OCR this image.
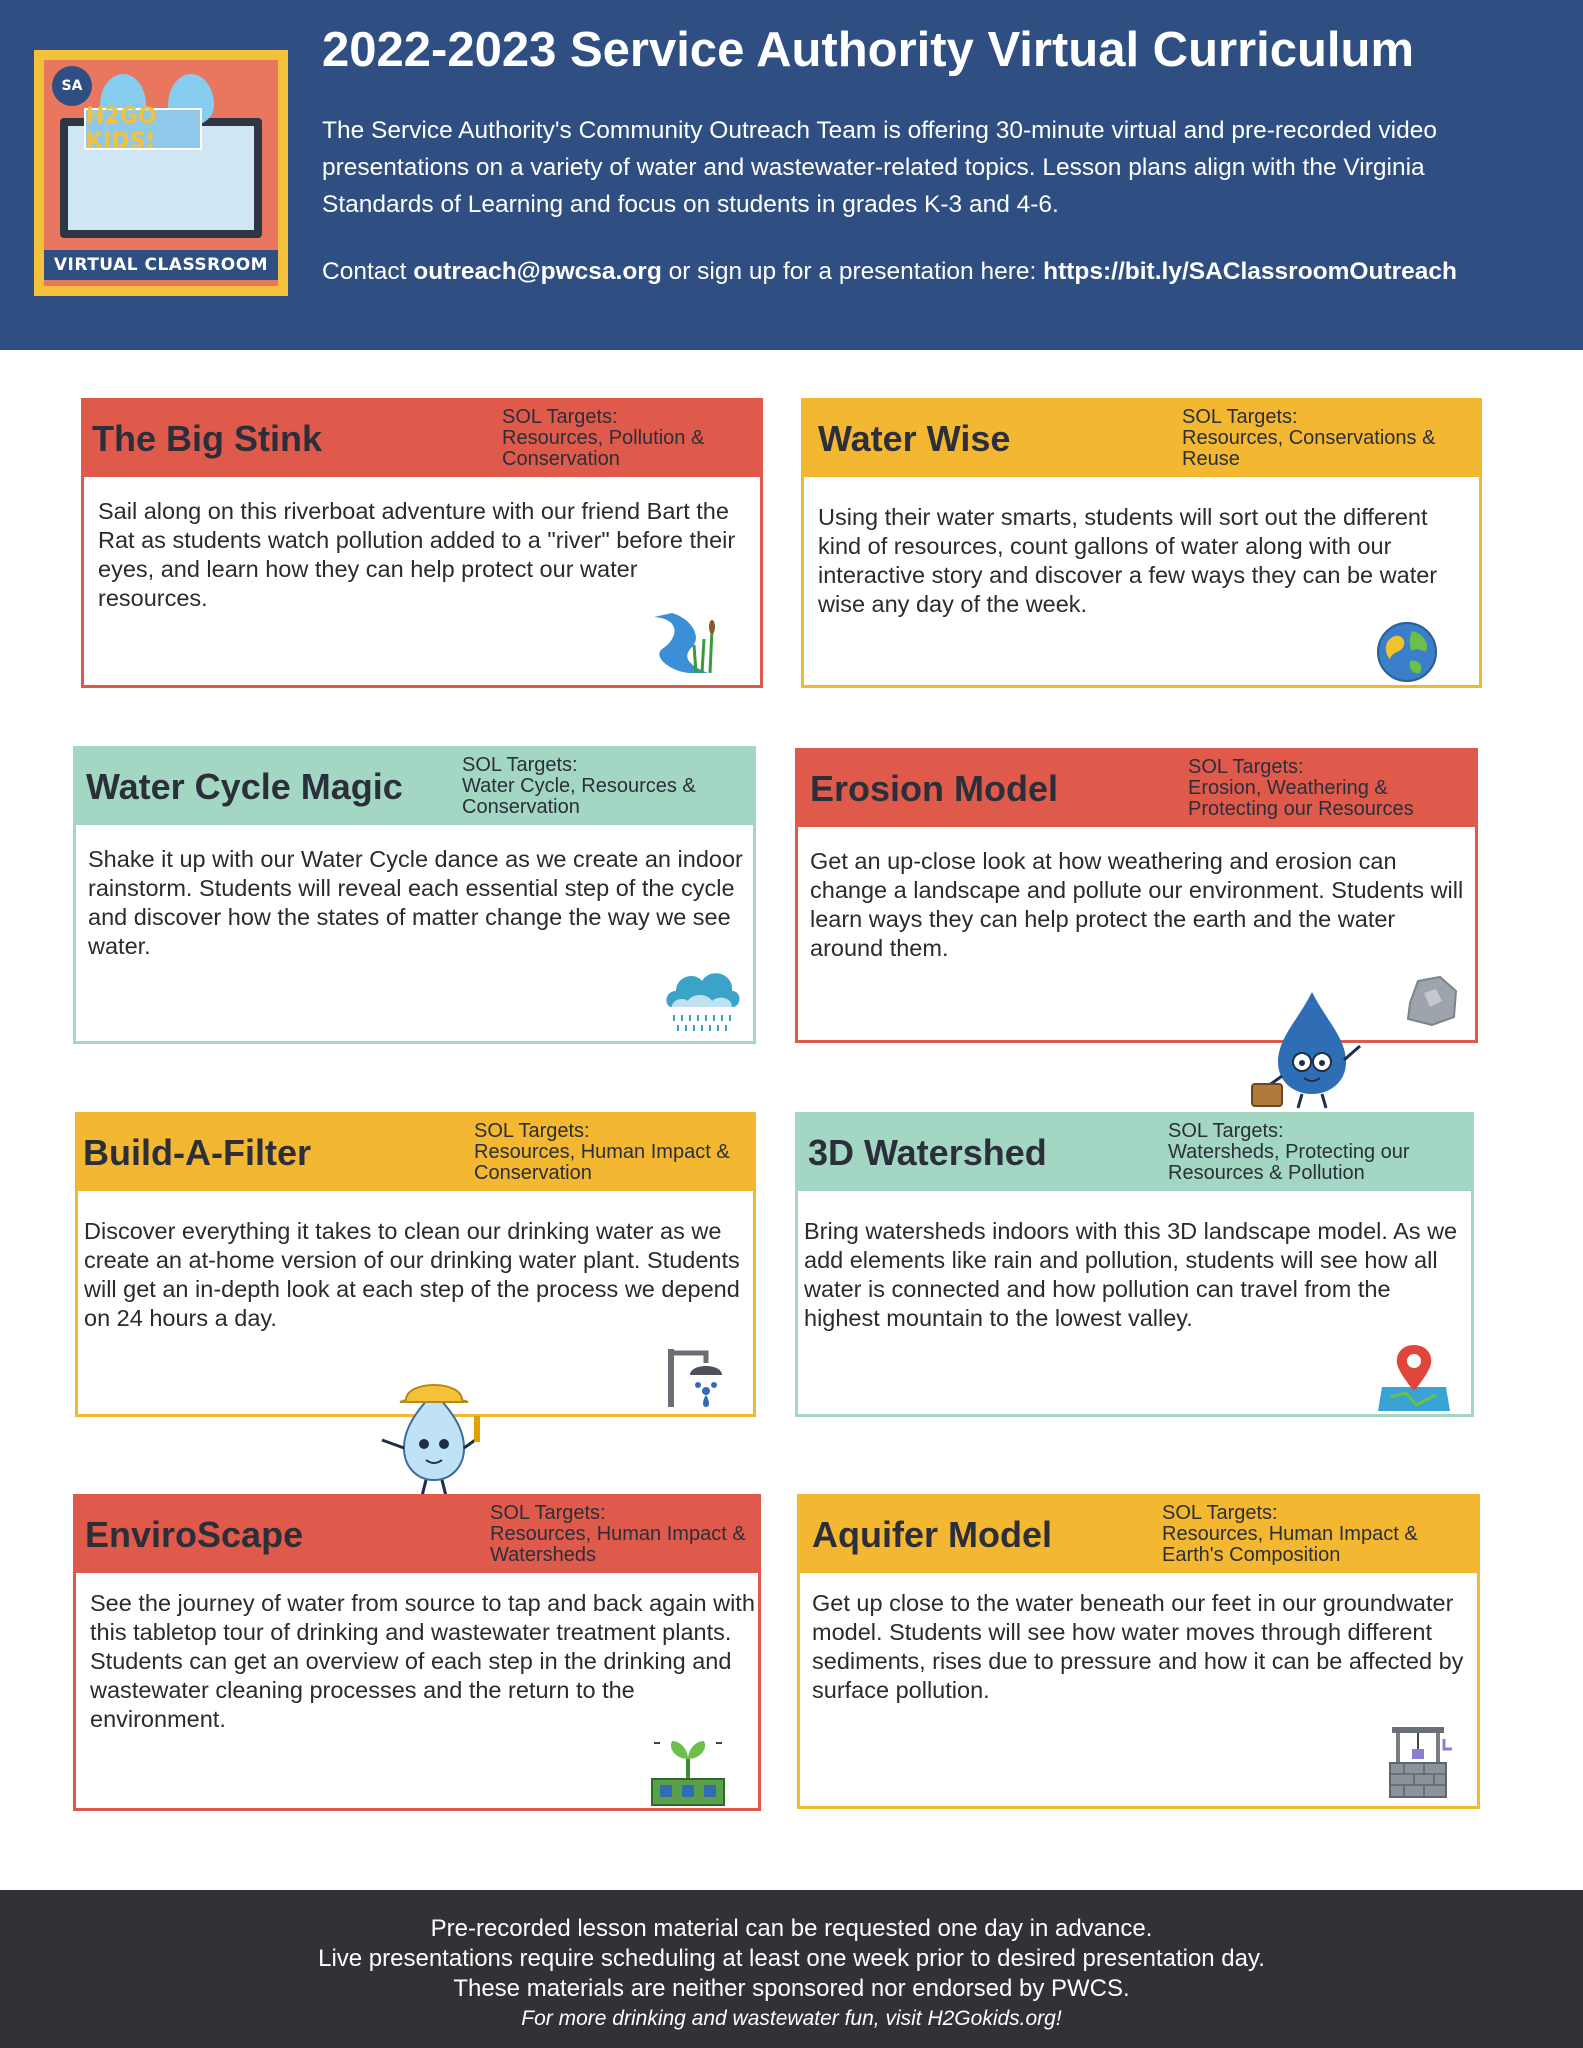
SA
H2GO KIDS!
VIRTUAL CLASSROOM
2022-2023 Service Authority Virtual Curriculum
The Service Authority's Community Outreach Team is offering 30-minute virtual and pre-recorded video presentations on a variety of water and wastewater-related topics. Lesson plans align with the Virginia Standards of Learning and focus on students in grades K-3 and 4-6.
Contact outreach@pwcsa.org or sign up for a presentation here: https://bit.ly/SAClassroomOutreach
The Big Stink
SOL Targets:
Resources, Pollution & Conservation
Sail along on this riverboat adventure with our friend Bart the Rat as students watch pollution added to a "river" before their eyes, and learn how they can help protect our water resources.
Water Wise
SOL Targets:
Resources, Conservations & Reuse
Using their water smarts, students will sort out the different kind of resources, count gallons of water along with our interactive story and discover a few ways they can be water wise any day of the week.
Water Cycle Magic
SOL Targets:
Water Cycle, Resources & Conservation
Shake it up with our Water Cycle dance as we create an indoor rainstorm. Students will reveal each essential step of the cycle and discover how the states of matter change the way we see water.
Erosion Model
SOL Targets:
Erosion, Weathering & Protecting our Resources
Get an up-close look at how weathering and erosion can change a landscape and pollute our environment. Students will learn ways they can help protect the earth and the water around them.
Build-A-Filter
SOL Targets:
Resources, Human Impact & Conservation
Discover everything it takes to clean our drinking water as we create an at-home version of our drinking water plant. Students will get an in-depth look at each step of the process we depend on 24 hours a day.
3D Watershed
SOL Targets:
Watersheds, Protecting our Resources & Pollution
Bring watersheds indoors with this 3D landscape model. As we add elements like rain and pollution, students will see how all water is connected and how pollution can travel from the highest mountain to the lowest valley.
EnviroScape
SOL Targets:
Resources, Human Impact & Watersheds
See the journey of water from source to tap and back again with this tabletop tour of drinking and wastewater treatment plants. Students can get an overview of each step in the drinking and wastewater cleaning processes and the return to the environment.
Aquifer Model
SOL Targets:
Resources, Human Impact & Earth's Composition
Get up close to the water beneath our feet in our groundwater model. Students will see how water moves through different sediments, rises due to pressure and how it can be affected by surface pollution.
Pre-recorded lesson material can be requested one day in advance.
Live presentations require scheduling at least one week prior to desired presentation day.
These materials are neither sponsored nor endorsed by PWCS.
For more drinking and wastewater fun, visit H2Gokids.org!
